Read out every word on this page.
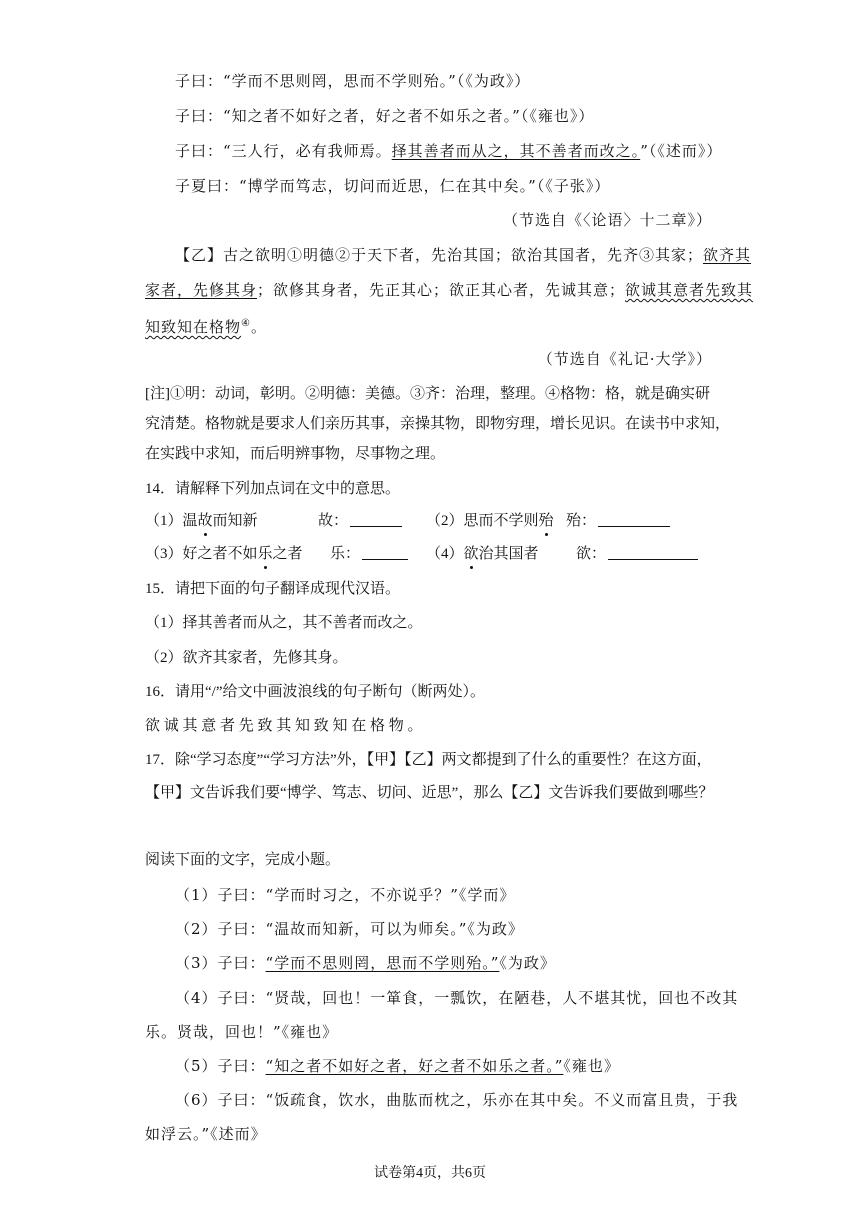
子曰：“学而不思则罔，思而不学则殆。”（《为政》）
子曰：“知之者不如好之者，好之者不如乐之者。”（《雍也》）
子曰：“三人行，必有我师焉。择其善者而从之，其不善者而改之。”（《述而》）
子夏曰：“博学而笃志，切问而近思，仁在其中矣。”（《子张》）
（节选自《〈论语〉十二章》）
【乙】古之欲明①明德②于天下者，先治其国；欲治其国者，先齐③其家；欲齐其
家者，先修其身；欲修其身者，先正其心；欲正其心者，先诚其意；欲诚其意者先致其
知致知在格物④。
（节选自《礼记·大学》）
[注]①明：动词，彰明。②明德：美德。③齐：治理，整理。④格物：格，就是确实研
究清楚。格物就是要求人们亲历其事，亲操其物，即物穷理，增长见识。在读书中求知，
在实践中求知，而后明辨事物，尽事物之理。
14．请解释下列加点词在文中的意思。
（1）温故而知新	故：	（2）思而不学则殆 殆：
（3）好之者不如乐之者 乐：	（4）欲治其国者 欲：
15．请把下面的句子翻译成现代汉语。
（1）择其善者而从之，其不善者而改之。
（2）欲齐其家者，先修其身。
16．请用“/”给文中画波浪线的句子断句（断两处）。
欲 诚 其 意 者 先 致 其 知 致 知 在 格 物 。
17．除“学习态度”“学习方法”外，【甲】【乙】两文都提到了什么的重要性？在这方面，
【甲】文告诉我们要“博学、笃志、切问、近思”，那么【乙】文告诉我们要做到哪些？
阅读下面的文字，完成小题。
（1）子曰：“学而时习之，不亦说乎？”《学而》
（2）子曰：“温故而知新，可以为师矣。”《为政》
（3）子曰：“学而不思则罔，思而不学则殆。”《为政》
（4）子曰：“贤哉，回也！一箪食，一瓢饮，在陋巷，人不堪其忧，回也不改其
乐。贤哉，回也！”《雍也》
（5）子曰：“知之者不如好之者，好之者不如乐之者。”《雍也》
（6）子曰：“饭疏食，饮水，曲肱而枕之，乐亦在其中矣。不义而富且贵，于我
如浮云。”《述而》
试卷第4页，共6页
